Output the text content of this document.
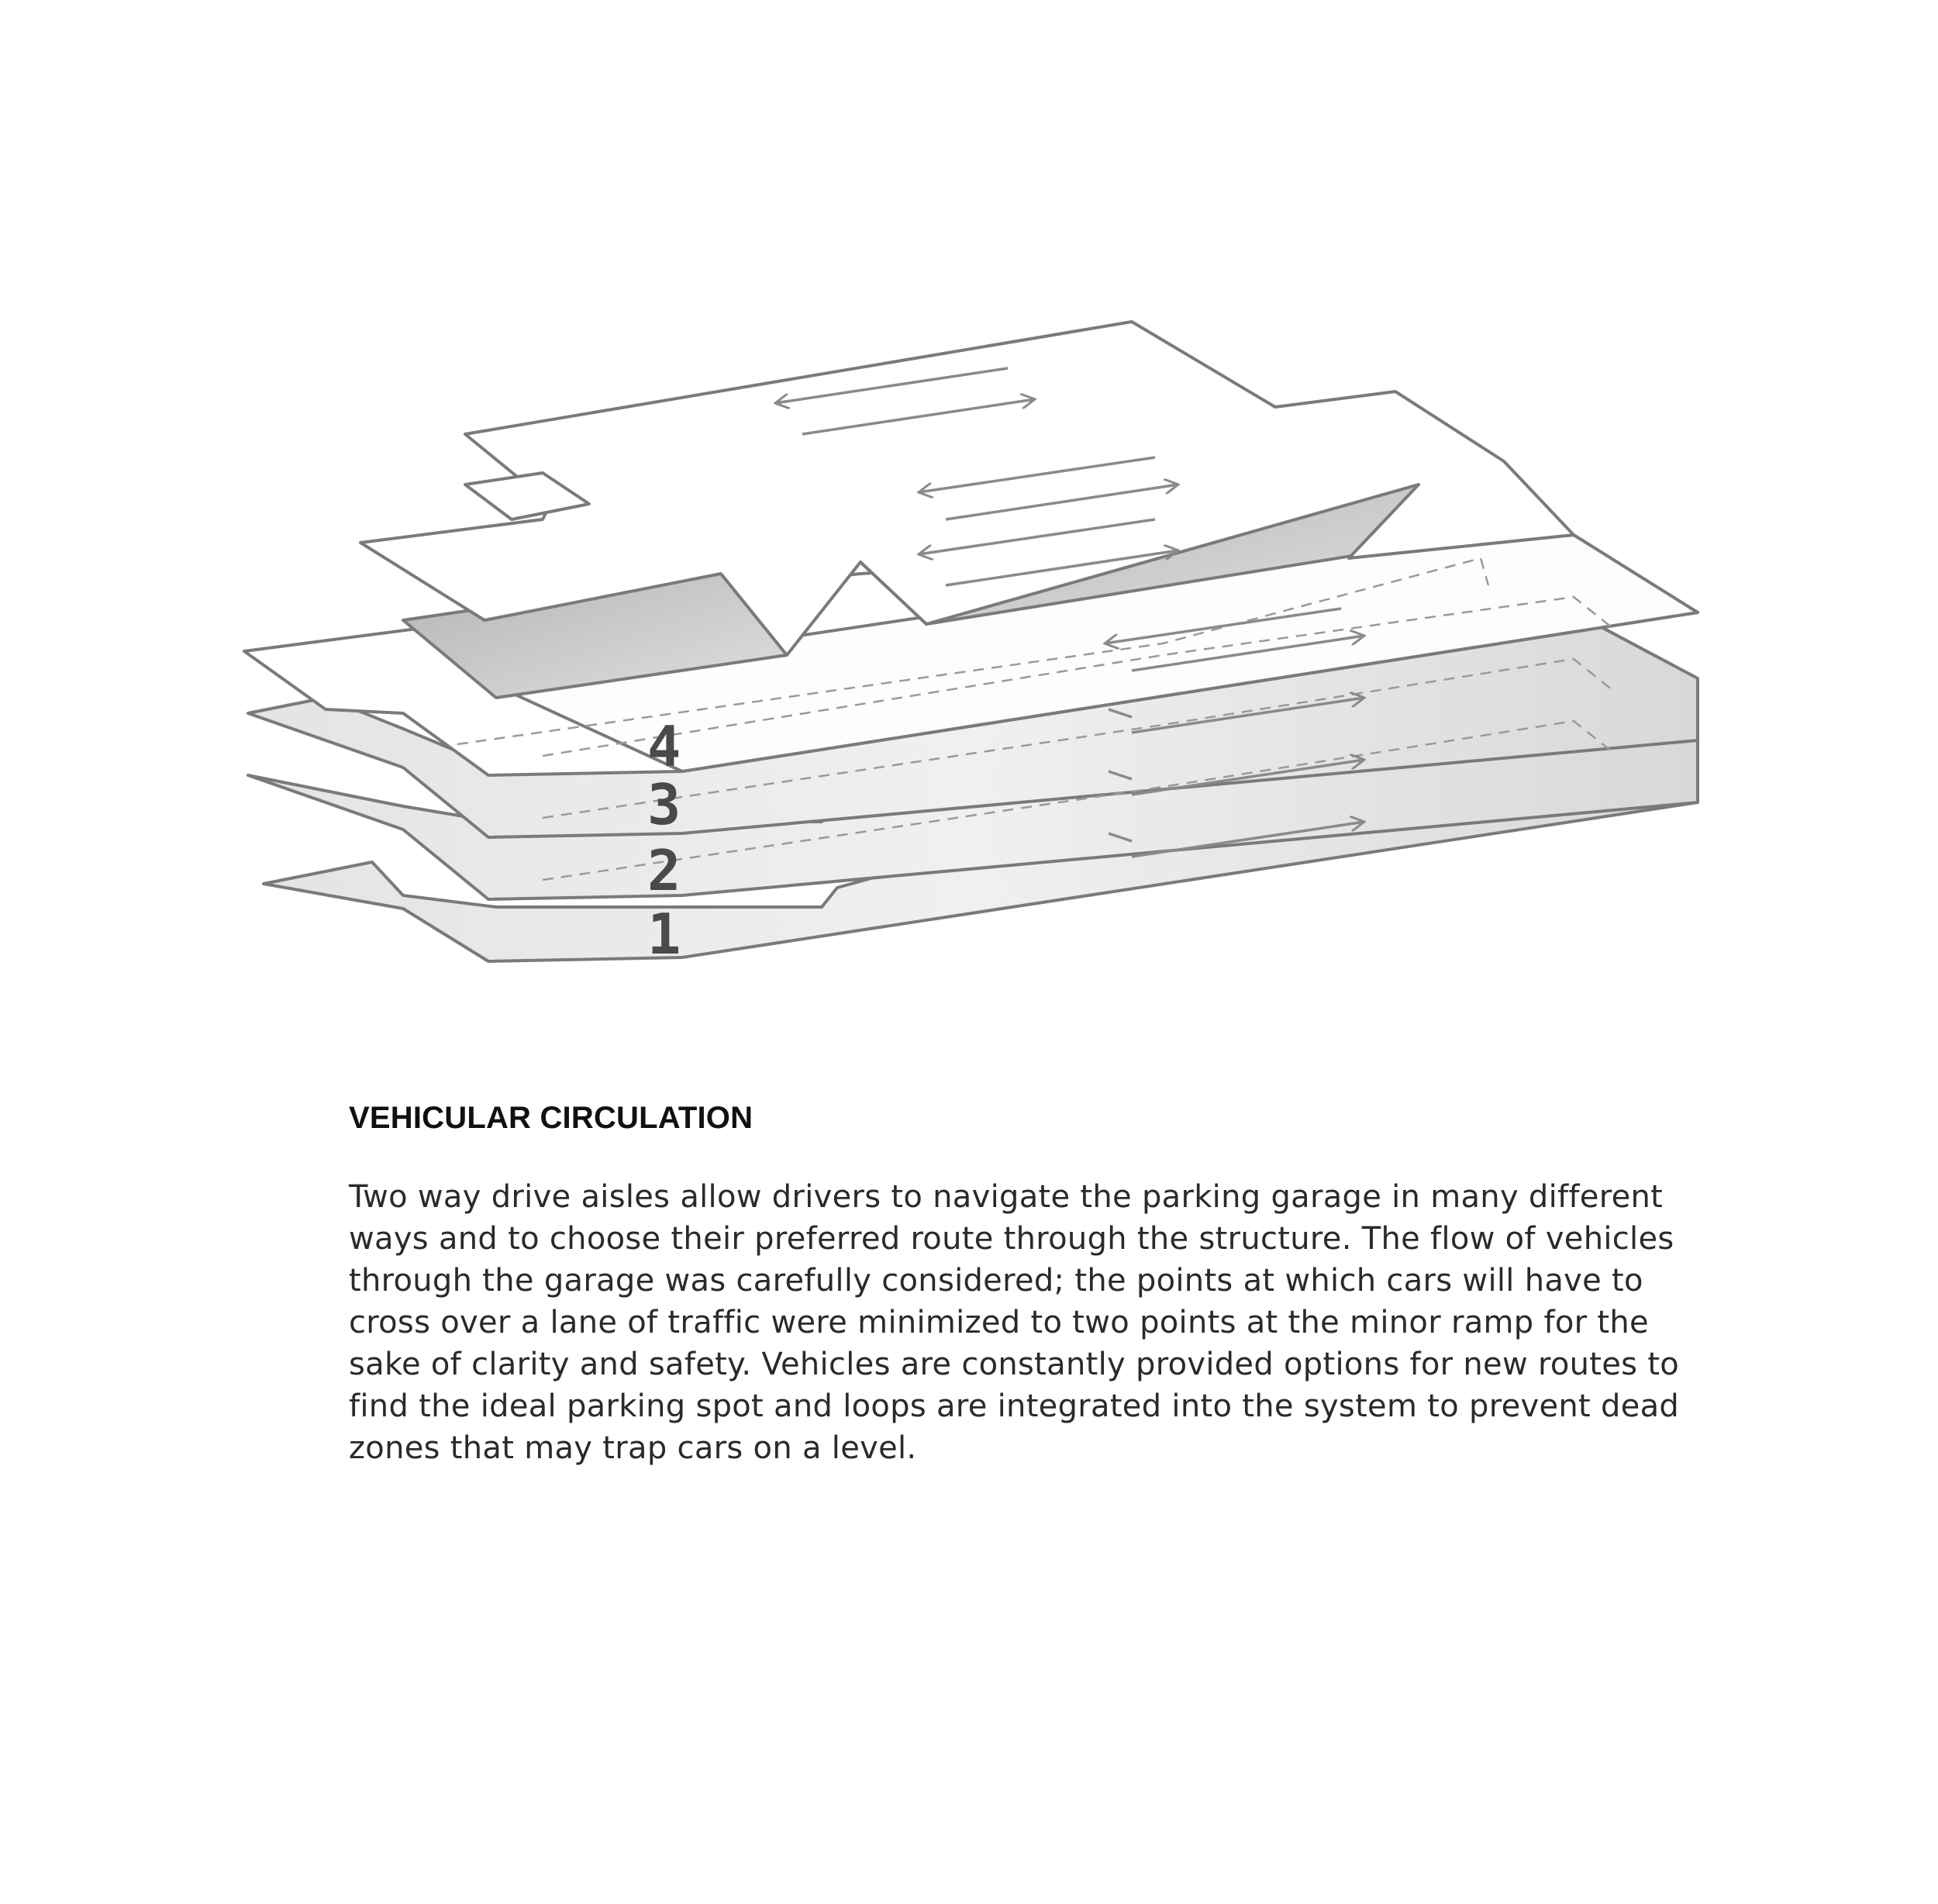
4
3
2
1
VEHICULAR CIRCULATION

Two way drive aisles allow drivers to navigate the parking garage in many different ways and to choose their preferred route through the structure. The flow of vehicles through the garage was carefully considered; the points at which cars will have to cross over a lane of traffic were minimized to two points at the minor ramp for the sake of clarity and safety. Vehicles are constantly provided options for new routes to find the ideal parking spot and loops are integrated into the system to prevent dead zones that may trap cars on a level.
